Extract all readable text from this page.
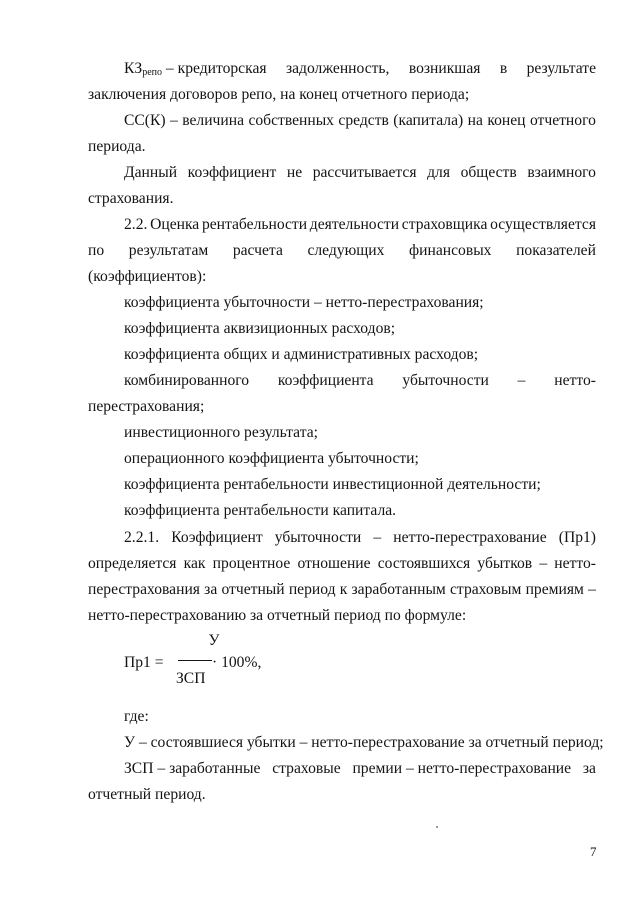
$КЗ_{репо}$ – кредиторская задолженность, возникшая в результате
заключения договоров репо, на конец отчетного периода;
СС(К) – величина собственных средств (капитала) на конец отчетного
периода.
Данный коэффициент не рассчитывается для обществ взаимного
страхования.
2.2. Оценка рентабельности деятельности страховщика осуществляется
по результатам расчета следующих финансовых показателей
(коэффициентов):
коэффициента убыточности – нетто-перестрахования;
коэффициента аквизиционных расходов;
коэффициента общих и административных расходов;
комбинированного коэффициента убыточности – нетто-
перестрахования;
инвестиционного результата;
операционного коэффициента убыточности;
коэффициента рентабельности инвестиционной деятельности;
коэффициента рентабельности капитала.
2.2.1. Коэффициент убыточности – нетто-перестрахование (Пр1)
определяется как процентное отношение состоявшихся убытков – нетто-
перестрахования за отчетный период к заработанным страховым премиям –
нетто-перестрахованию за отчетный период по формуле:
Пр1 =
У
ЗСП
· 100%,
где:
У – состоявшиеся убытки – нетто-перестрахование за отчетный период;
ЗСП – заработанные страховые премии – нетто-перестрахование за
отчетный период.
7
